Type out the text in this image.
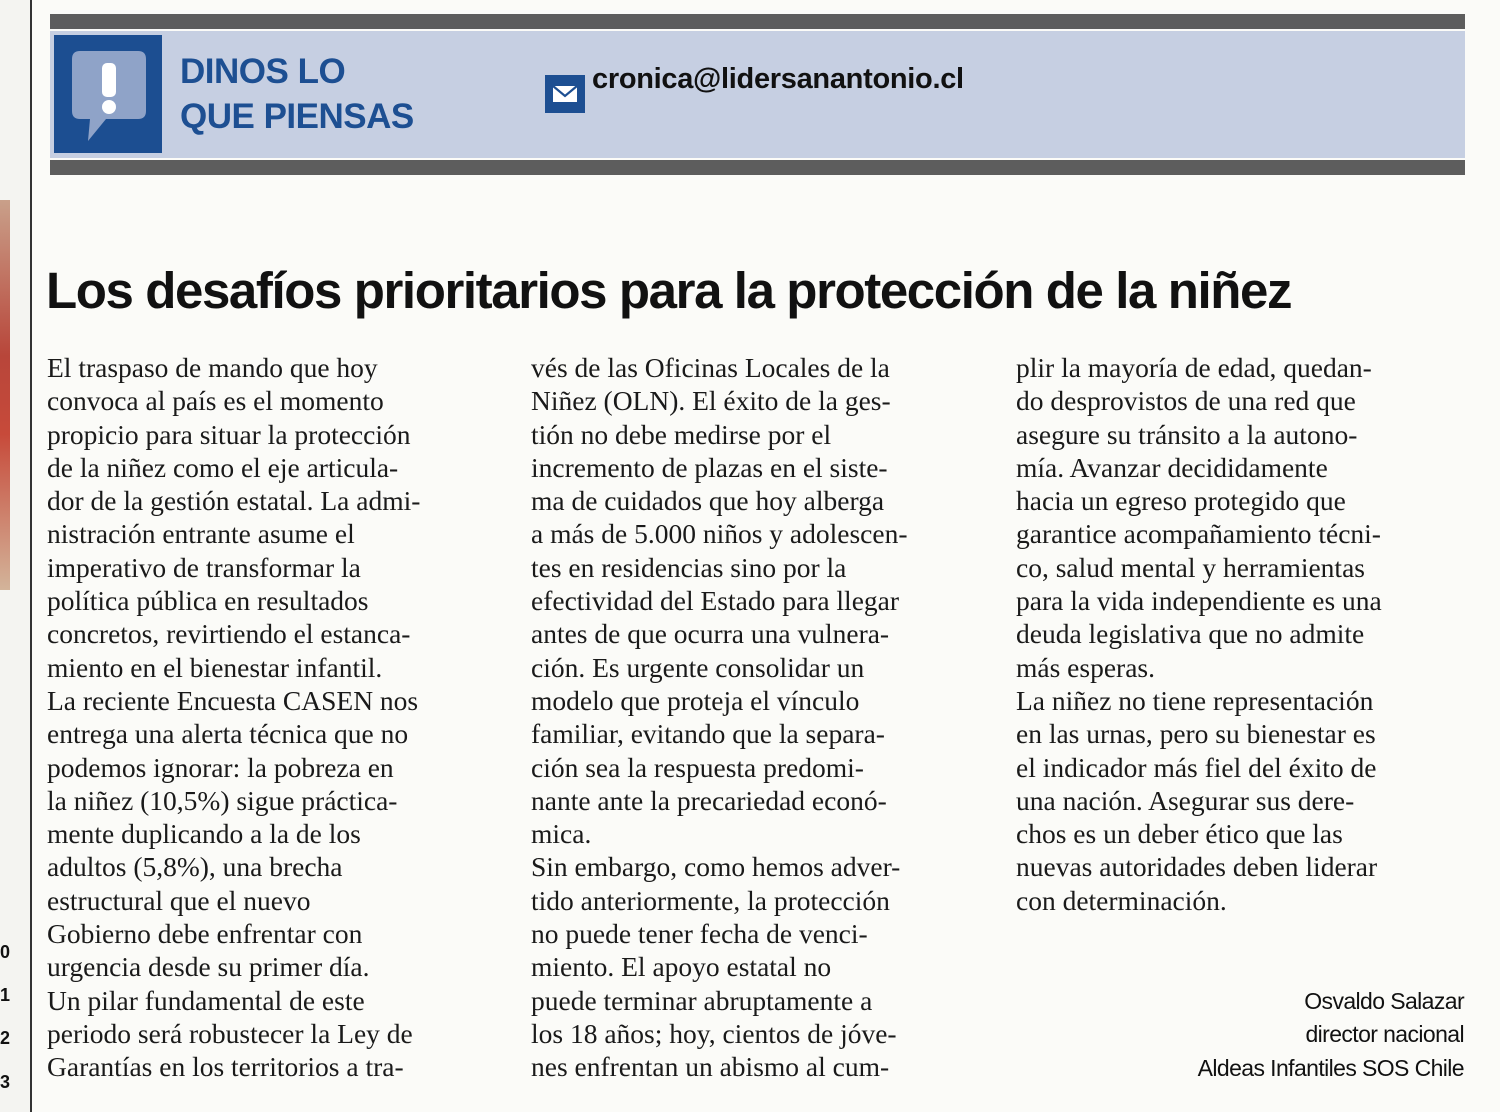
0
1
2
3
DINOS LO
QUE PIENSAS
cronica@lidersanantonio.cl
Los desafíos prioritarios para la protección de la niñez
El traspaso de mando que hoy
convoca al país es el momento
propicio para situar la protección
de la niñez como el eje articula-
dor de la gestión estatal. La admi-
nistración entrante asume el
imperativo de transformar la
política pública en resultados
concretos, revirtiendo el estanca-
miento en el bienestar infantil.
La reciente Encuesta CASEN nos
entrega una alerta técnica que no
podemos ignorar: la pobreza en
la niñez (10,5%) sigue práctica-
mente duplicando a la de los
adultos (5,8%), una brecha
estructural que el nuevo
Gobierno debe enfrentar con
urgencia desde su primer día.
Un pilar fundamental de este
periodo será robustecer la Ley de
Garantías en los territorios a tra-
vés de las Oficinas Locales de la
Niñez (OLN). El éxito de la ges-
tión no debe medirse por el
incremento de plazas en el siste-
ma de cuidados que hoy alberga
a más de 5.000 niños y adolescen-
tes en residencias sino por la
efectividad del Estado para llegar
antes de que ocurra una vulnera-
ción. Es urgente consolidar un
modelo que proteja el vínculo
familiar, evitando que la separa-
ción sea la respuesta predomi-
nante ante la precariedad econó-
mica.
Sin embargo, como hemos adver-
tido anteriormente, la protección
no puede tener fecha de venci-
miento. El apoyo estatal no
puede terminar abruptamente a
los 18 años; hoy, cientos de jóve-
nes enfrentan un abismo al cum-
plir la mayoría de edad, quedan-
do desprovistos de una red que
asegure su tránsito a la autono-
mía. Avanzar decididamente
hacia un egreso protegido que
garantice acompañamiento técni-
co, salud mental y herramientas
para la vida independiente es una
deuda legislativa que no admite
más esperas.
La niñez no tiene representación
en las urnas, pero su bienestar es
el indicador más fiel del éxito de
una nación. Asegurar sus dere-
chos es un deber ético que las
nuevas autoridades deben liderar
con determinación.
Osvaldo Salazar
director nacional
Aldeas Infantiles SOS Chile
